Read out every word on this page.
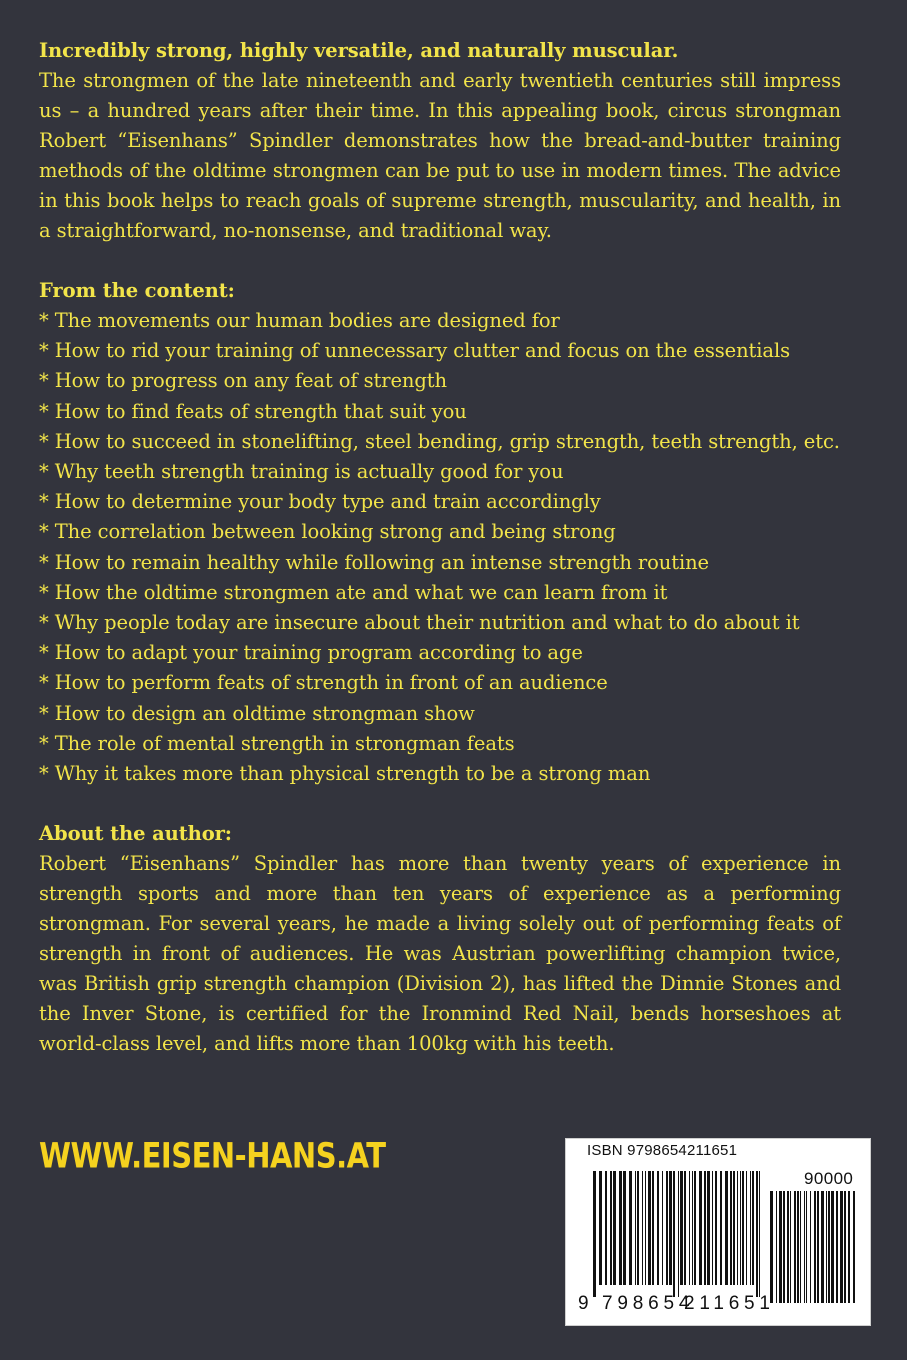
Incredibly strong, highly versatile, and naturally muscular.

The strongmen of the late nineteenth and early twentieth centuries still impress us – a hundred years after their time. In this appealing book, circus strongman Robert “Eisenhans” Spindler demonstrates how the bread-and-butter training methods of the oldtime strongmen can be put to use in modern times. The advice in this book helps to reach goals of supreme strength, muscularity, and health, in a straightforward, no-nonsense, and traditional way.

From the content:
* The movements our human bodies are designed for
* How to rid your training of unnecessary clutter and focus on the essentials
* How to progress on any feat of strength
* How to find feats of strength that suit you
* How to succeed in stonelifting, steel bending, grip strength, teeth strength, etc.
* Why teeth strength training is actually good for you
* How to determine your body type and train accordingly
* The correlation between looking strong and being strong
* How to remain healthy while following an intense strength routine
* How the oldtime strongmen ate and what we can learn from it
* Why people today are insecure about their nutrition and what to do about it
* How to adapt your training program according to age
* How to perform feats of strength in front of an audience
* How to design an oldtime strongman show
* The role of mental strength in strongman feats
* Why it takes more than physical strength to be a strong man
About the author:

Robert “Eisenhans” Spindler has more than twenty years of experience in strength sports and more than ten years of experience as a performing strongman. For several years, he made a living solely out of performing feats of strength in front of audiences. He was Austrian powerlifting champion twice, was British grip strength champion (Division 2), has lifted the Dinnie Stones and the Inver Stone, is certified for the Ironmind Red Nail, bends horseshoes at world-class level, and lifts more than 100kg with his teeth.

WWW.EISEN-HANS.AT	ISBN 9798654211651
90000
9 798654
211651
